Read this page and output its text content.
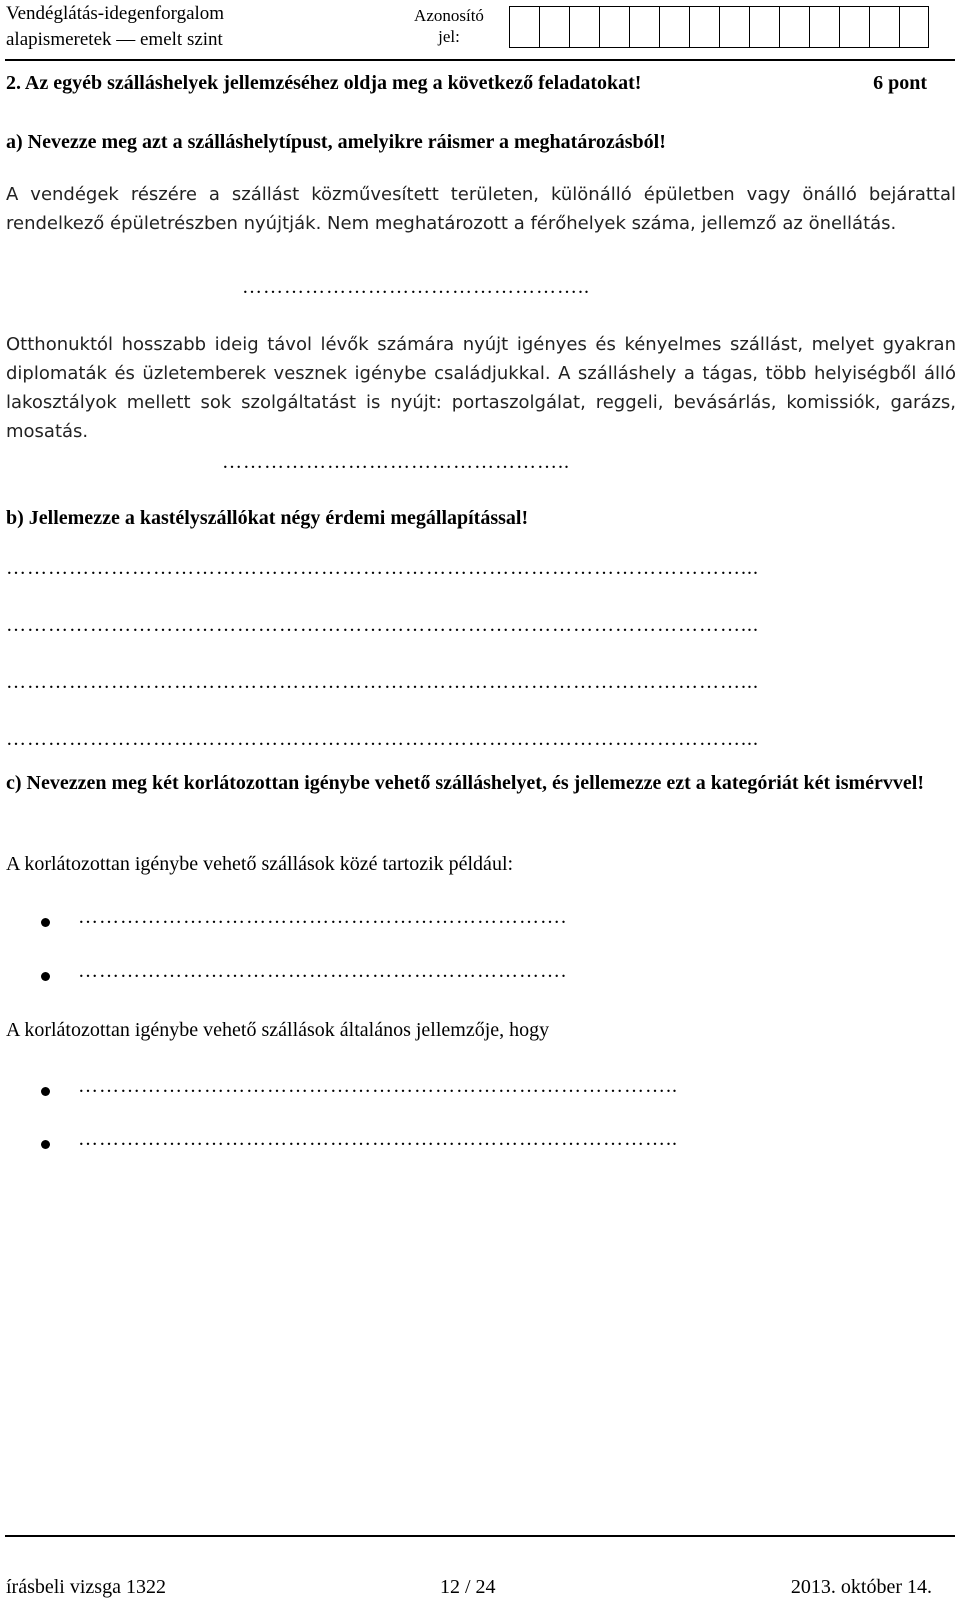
Vendéglátás-idegenforgalom
alapismeretek — emelt szint
Azonosító
jel:
2. Az egyéb szálláshelyek jellemzéséhez oldja meg a következő feladatokat!	6 pont
a) Nevezze meg azt a szálláshelytípust, amelyikre ráismer a meghatározásból!
A vendégek részére a szállást közművesített területen, különálló épületben vagy önálló bejárattal rendelkező épületrészben nyújtják. Nem meghatározott a férőhelyek száma, jellemző az önellátás.
…………………………………………..
Otthonuktól hosszabb ideig távol lévők számára nyújt igényes és kényelmes szállást, melyet gyakran diplomaták és üzletemberek vesznek igénybe családjukkal. A szálláshely a tágas, több helyiségből álló lakosztályok mellett sok szolgáltatást is nyújt: portaszolgálat, reggeli, bevásárlás, komissiók, garázs, mosatás.
…………………………………………..
b) Jellemezze a kastélyszállókat négy érdemi megállapítással!
……………………………………………………………………………………………...
……………………………………………………………………………………………...
……………………………………………………………………………………………...
……………………………………………………………………………………………...
c) Nevezzen meg két korlátozottan igénybe vehető szálláshelyet, és jellemezze ezt a kategóriát két ismérvvel!
A korlátozottan igénybe vehető szállások közé tartozik például:
…………………………………………………………….
…………………………………………………………….
A korlátozottan igénybe vehető szállások általános jellemzője, hogy
…………………………………………………………………………..
…………………………………………………………………………..
írásbeli vizsga 1322	12 / 24	2013. október 14.
